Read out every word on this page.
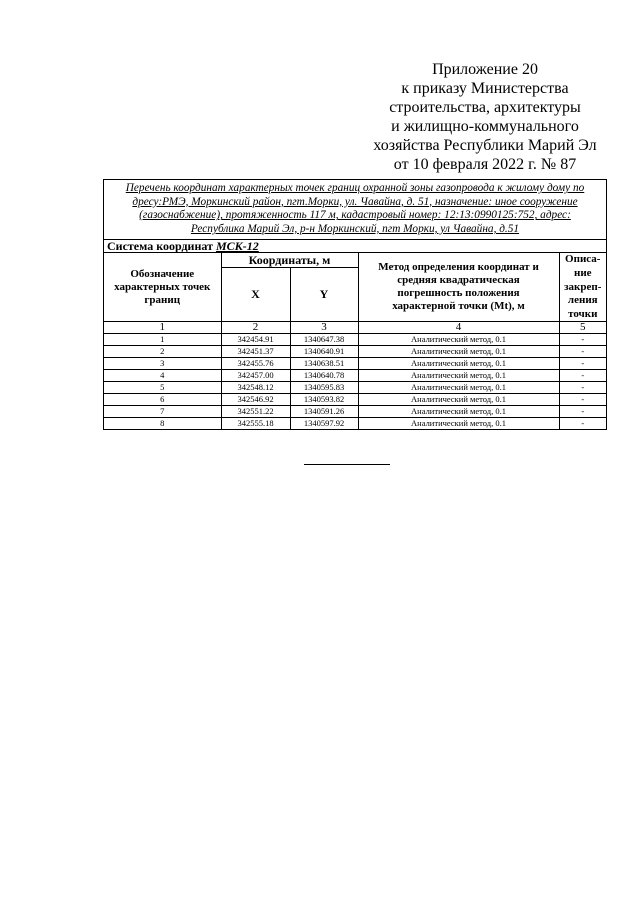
Приложение 20
к приказу Министерства
строительства, архитектуры
и жилищно-коммунального
хозяйства Республики Марий Эл
от 10 февраля 2022 г. № 87
Перечень координат характерных точек границ охранной зоны газопровода к жилому дому по
дресу:РМЭ, Моркинский район, пгт.Морки, ул. Чавайна, д. 51, назначение: иное сооружение
(газоснабжение), протяженность 117 м, кадастровый номер: 12:13:0990125:752, адрес:
Республика Марий Эл, р-н Моркинский, пгт Морки, ул Чавайна, д.51
Система координат МСК-12				
Обозначение характерных точек границ	Координаты, м		Метод определения координат и средняя квадратическая погрешность положения характерной точки (Mt), м	Описа-
ние
закреп-
ления
точки

	X	Y		
1	2	3	4	5
1	342454.91	1340647.38	Аналитический метод, 0.1	-
2	342451.37	1340640.91	Аналитический метод, 0.1	-
3	342455.76	1340638.51	Аналитический метод, 0.1	-
4	342457.00	1340640.78	Аналитический метод, 0.1	-
5	342548.12	1340595.83	Аналитический метод, 0.1	-
6	342546.92	1340593.82	Аналитический метод, 0.1	-
7	342551.22	1340591.26	Аналитический метод, 0.1	-
8	342555.18	1340597.92	Аналитический метод, 0.1	-
